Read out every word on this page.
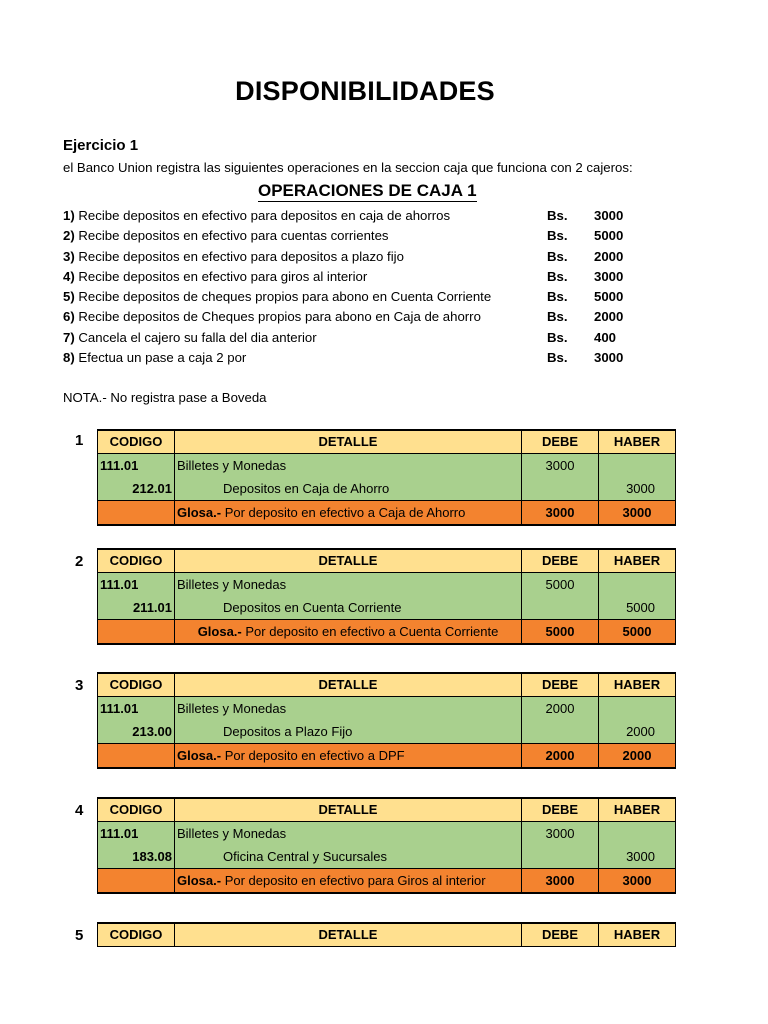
DISPONIBILIDADES
Ejercicio 1
el Banco Union registra las siguientes operaciones en la seccion caja que funciona con 2 cajeros:
OPERACIONES DE CAJA 1
1) Recibe depositos en efectivo para depositos en caja de ahorros	Bs. 3000
2) Recibe depositos en efectivo para cuentas corrientes	Bs. 5000
3) Recibe depositos en efectivo para depositos a plazo fijo	Bs. 2000
4) Recibe depositos en efectivo para giros al interior	Bs. 3000
5) Recibe depositos de cheques propios para abono en Cuenta Corriente	Bs. 5000
6) Recibe depositos de Cheques propios para abono en Caja de ahorro	Bs. 2000
7) Cancela el cajero su falla del dia anterior	Bs. 400
8) Efectua un pase a caja 2 por	Bs. 3000
NOTA.- No registra pase a Boveda
1 CODIGO	DETALLE	DEBE	HABER
111.01	Billetes y Monedas	3000	
212.01	Depositos en Caja de Ahorro		3000
	Glosa.- Por deposito en efectivo a Caja de Ahorro	3000	3000
2 CODIGO	DETALLE	DEBE	HABER
111.01	Billetes y Monedas	5000	
211.01	Depositos en Cuenta Corriente		5000
	Glosa.- Por deposito en efectivo a Cuenta Corriente	5000	5000
3 CODIGO	DETALLE	DEBE	HABER
111.01	Billetes y Monedas	2000	
213.00	Depositos a Plazo Fijo		2000
	Glosa.- Por deposito en efectivo a DPF	2000	2000
4 CODIGO	DETALLE	DEBE	HABER
111.01	Billetes y Monedas	3000	
183.08	Oficina Central y Sucursales		3000
	Glosa.- Por deposito en efectivo para Giros al interior	3000	3000
5 CODIGO	DETALLE	DEBE	HABER
